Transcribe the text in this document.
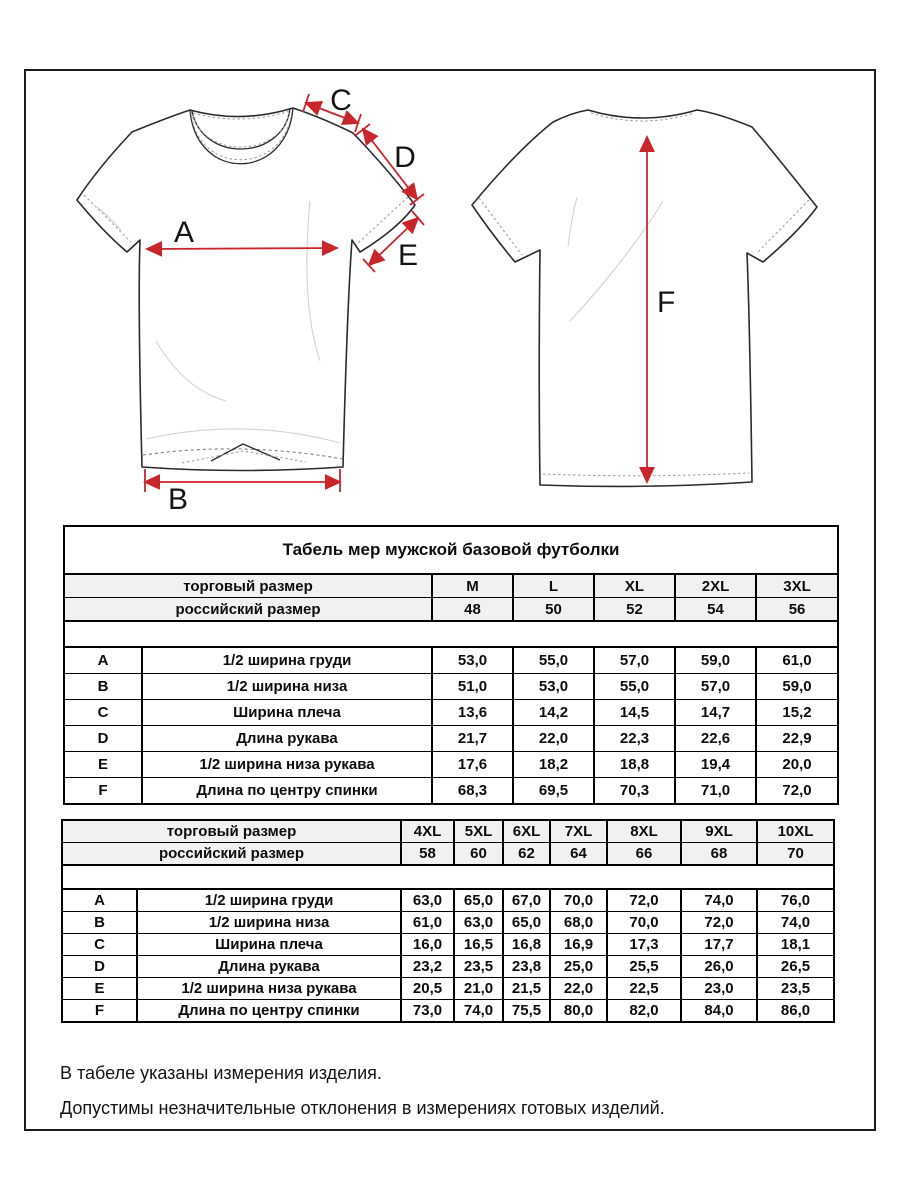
A
B
C
D
E
F
Табель мер мужской базовой футболки						
торговый размер		M	L	XL	2XL	3XL
российский размер		48	50	52	54	56

A	1/2 ширина груди	53,0	55,0	57,0	59,0	61,0
B	1/2 ширина низа	51,0	53,0	55,0	57,0	59,0
C	Ширина плеча	13,6	14,2	14,5	14,7	15,2
D	Длина рукава	21,7	22,0	22,3	22,6	22,9
E	1/2 ширина низа рукава	17,6	18,2	18,8	19,4	20,0
F	Длина по центру спинки	68,3	69,5	70,3	71,0	72,0
торговый размер		4XL	5XL	6XL	7XL	8XL	9XL	10XL
российский размер		58	60	62	64	66	68	70

A	1/2 ширина груди	63,0	65,0	67,0	70,0	72,0	74,0	76,0
B	1/2 ширина низа	61,0	63,0	65,0	68,0	70,0	72,0	74,0
C	Ширина плеча	16,0	16,5	16,8	16,9	17,3	17,7	18,1
D	Длина рукава	23,2	23,5	23,8	25,0	25,5	26,0	26,5
E	1/2 ширина низа рукава	20,5	21,0	21,5	22,0	22,5	23,0	23,5
F	Длина по центру спинки	73,0	74,0	75,5	80,0	82,0	84,0	86,0
В табеле указаны измерения изделия.
Допустимы незначительные отклонения в измерениях готовых изделий.
